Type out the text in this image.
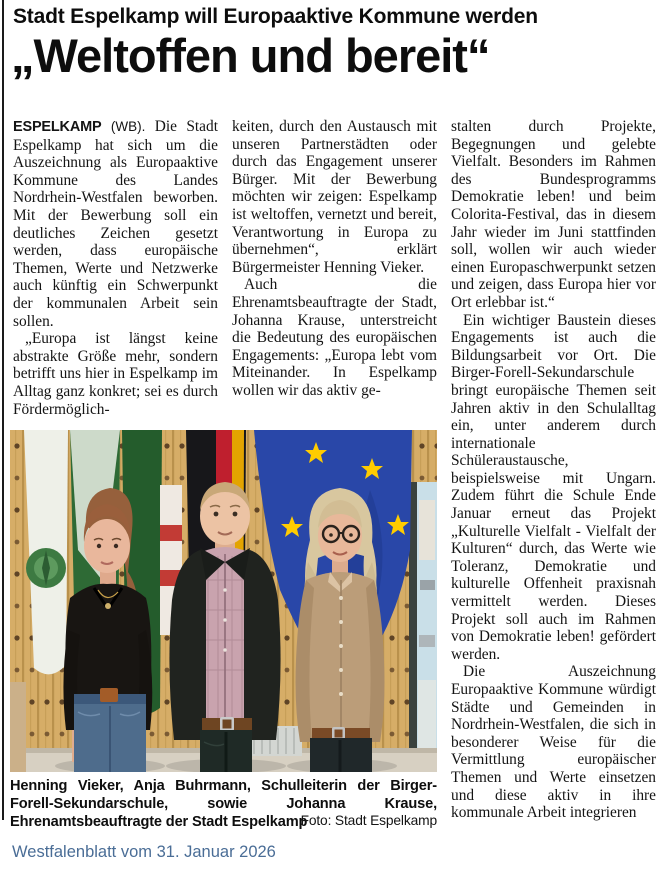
Stadt Espelkamp will Europaaktive Kommune werden
„Weltoffen und bereit“

ESPELKAMP (WB). Die Stadt Espelkamp hat sich um die Auszeichnung als Europaaktive Kommune des Landes Nordrhein-Westfalen beworben. Mit der Bewerbung soll ein deutliches Zeichen gesetzt werden, dass europäische Themen, Werte und Netzwerke auch künftig ein Schwerpunkt der kommunalen Arbeit sein sollen.

„Europa ist längst keine abstrakte Größe mehr, sondern betrifft uns hier in Espelkamp im Alltag ganz konkret; sei es durch Fördermöglich-

keiten, durch den Austausch mit unseren Partnerstädten oder durch das Engagement unserer Bürger. Mit der Bewerbung möchten wir zeigen: Espelkamp ist weltoffen, vernetzt und bereit, Verantwortung in Europa zu übernehmen“, erklärt Bürgermeister Henning Vieker.

Auch die Ehrenamtsbeauftragte der Stadt, Johanna Krause, unterstreicht die Bedeutung des europäischen Engagements: „Europa lebt vom Miteinander. In Espelkamp wollen wir das aktiv ge-

stalten durch Projekte, Begegnungen und gelebte Vielfalt. Besonders im Rahmen des Bundesprogramms Demokratie leben! und beim Colorita-Festival, das in diesem Jahr wieder im Juni stattfinden soll, wollen wir auch wieder einen Europaschwerpunkt setzen und zeigen, dass Europa hier vor Ort erlebbar ist.“

Ein wichtiger Baustein dieses Engagements ist auch die Bildungsarbeit vor Ort. Die Birger-Forell-Sekundarschule bringt europäische Themen seit Jahren aktiv in den Schulalltag ein, unter anderem durch internationale Schüleraustausche, beispielsweise mit Ungarn. Zudem führt die Schule Ende Januar erneut das Projekt „Kulturelle Vielfalt - Vielfalt der Kulturen“ durch, das Werte wie Toleranz, Demokratie und kulturelle Offenheit praxisnah vermittelt werden. Dieses Projekt soll auch im Rahmen von Demokratie leben! gefördert werden.

Die Auszeichnung Europaaktive Kommune würdigt Städte und Gemeinden in Nordrhein-Westfalen, die sich in besonderer Weise für die Vermittlung europäischer Themen und Werte einsetzen und diese aktiv in ihre kommunale Arbeit integrieren

Henning Vieker, Anja Buhrmann, Schulleiterin der Birger-Forell-Sekundarschule, sowie Johanna Krause, Ehrenamtsbeauftragte der Stadt Espelkamp
Foto: Stadt Espelkamp
Westfalenblatt vom 31. Januar 2026
